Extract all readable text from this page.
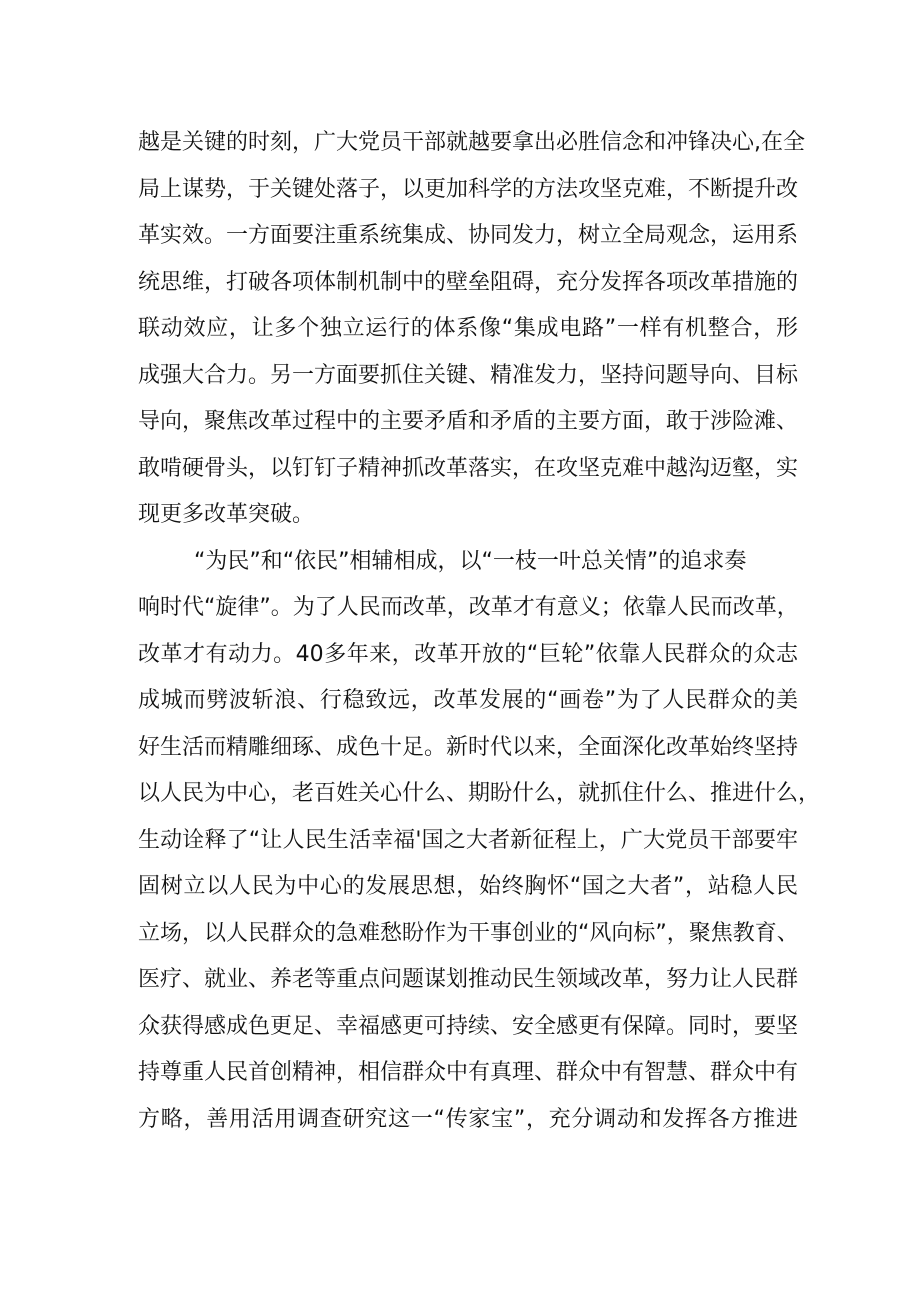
越是关键的时刻，广大党员干部就越要拿出必胜信念和冲锋决心,在全
局上谋势，于关键处落子，以更加科学的方法攻坚克难，不断提升改
革实效。一方面要注重系统集成、协同发力，树立全局观念，运用系
统思维，打破各项体制机制中的壁垒阻碍，充分发挥各项改革措施的
联动效应，让多个独立运行的体系像“集成电路”一样有机整合，形
成强大合力。另一方面要抓住关键、精准发力，坚持问题导向、目标
导向，聚焦改革过程中的主要矛盾和矛盾的主要方面，敢于涉险滩、
敢啃硬骨头，以钉钉子精神抓改革落实，在攻坚克难中越沟迈壑，实
现更多改革突破。
“为民”和“依民”相辅相成，以“一枝一叶总关情”的追求奏
响时代“旋律”。为了人民而改革，改革才有意义；依靠人民而改革，
改革才有动力。40多年来，改革开放的“巨轮”依靠人民群众的众志
成城而劈波斩浪、行稳致远，改革发展的“画卷”为了人民群众的美
好生活而精雕细琢、成色十足。新时代以来，全面深化改革始终坚持
以人民为中心，老百姓关心什么、期盼什么，就抓住什么、推进什么，
生动诠释了“让人民生活幸福'国之大者新征程上，广大党员干部要牢
固树立以人民为中心的发展思想，始终胸怀“国之大者”，站稳人民
立场，以人民群众的急难愁盼作为干事创业的“风向标”，聚焦教育、
医疗、就业、养老等重点问题谋划推动民生领域改革，努力让人民群
众获得感成色更足、幸福感更可持续、安全感更有保障。同时，要坚
持尊重人民首创精神，相信群众中有真理、群众中有智慧、群众中有
方略，善用活用调查研究这一“传家宝”，充分调动和发挥各方推进
